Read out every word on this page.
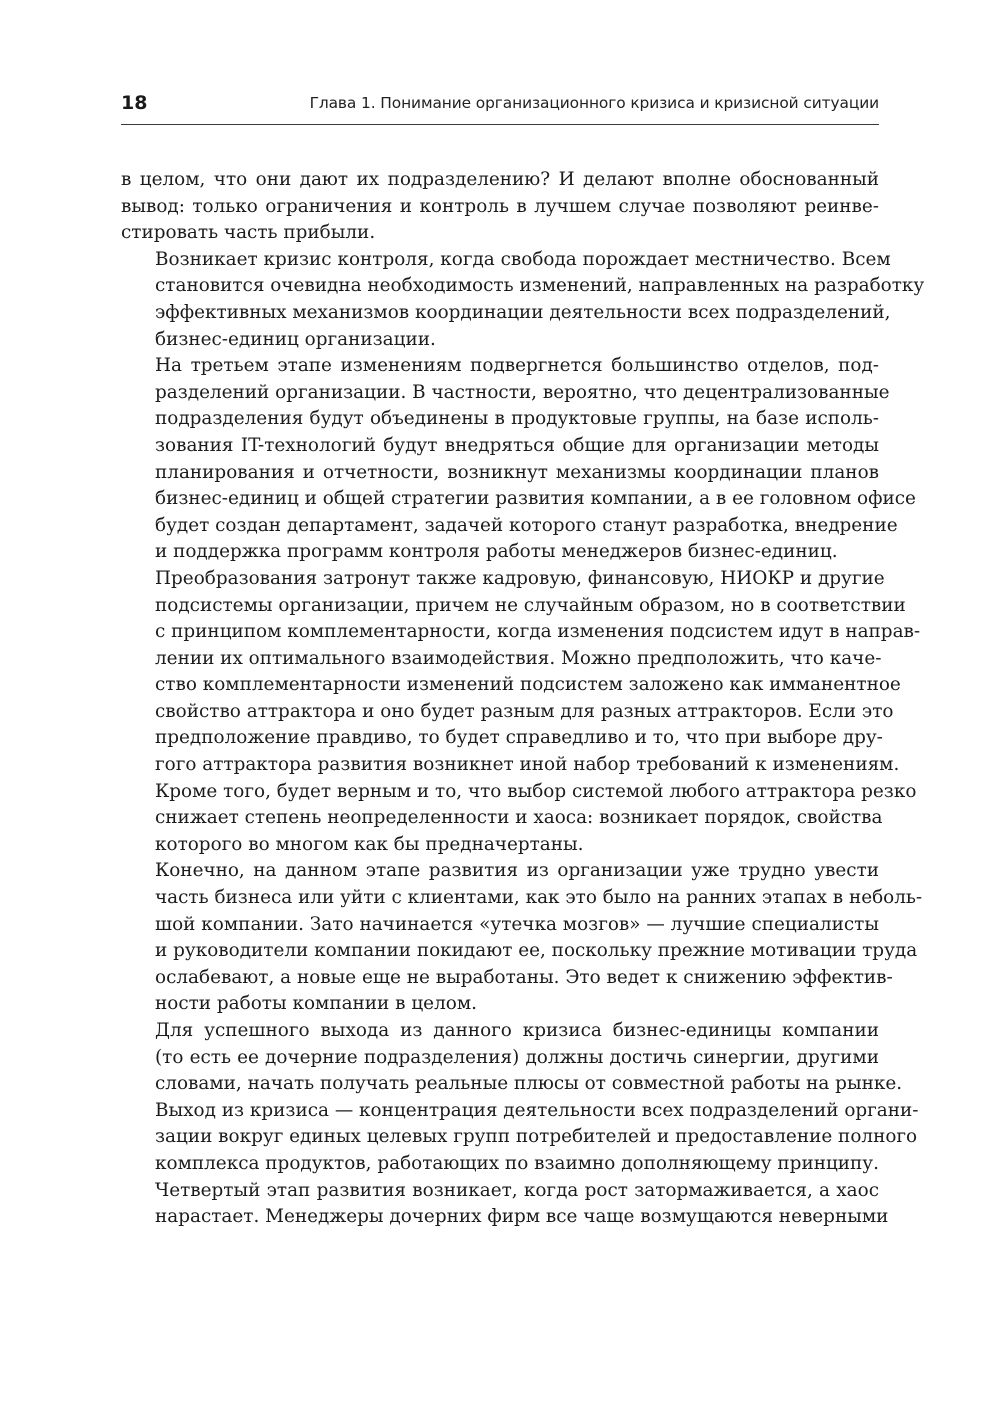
18	Глава 1. Понимание организационного кризиса и кризисной ситуации

в целом, что они дают их подразделению? И делают вполне обоснованный
вывод: только ограничения и контроль в лучшем случае позволяют реинве-
стировать часть прибыли.

Возникает кризис контроля, когда свобода порождает местничество. Всем
становится очевидна необходимость изменений, направленных на разработку
эффективных механизмов координации деятельности всех подразделений,
бизнес-единиц организации.

На третьем этапе изменениям подвергнется большинство отделов, под-
разделений организации. В частности, вероятно, что децентрализованные
подразделения будут объединены в продуктовые группы, на базе исполь-
зования IT-технологий будут внедряться общие для организации методы
планирования и отчетности, возникнут механизмы координации планов
бизнес-единиц и общей стратегии развития компании, а в ее головном офисе
будет создан департамент, задачей которого станут разработка, внедрение
и поддержка программ контроля работы менеджеров бизнес-единиц.

Преобразования затронут также кадровую, финансовую, НИОКР и другие
подсистемы организации, причем не случайным образом, но в соответствии
с принципом комплементарности, когда изменения подсистем идут в направ-
лении их оптимального взаимодействия. Можно предположить, что каче-
ство комплементарности изменений подсистем заложено как имманентное
свойство аттрактора и оно будет разным для разных аттракторов. Если это
предположение правдиво, то будет справедливо и то, что при выборе дру-
гого аттрактора развития возникнет иной набор требований к изменениям.
Кроме того, будет верным и то, что выбор системой любого аттрактора резко
снижает степень неопределенности и хаоса: возникает порядок, свойства
которого во многом как бы предначертаны.

Конечно, на данном этапе развития из организации уже трудно увести
часть бизнеса или уйти с клиентами, как это было на ранних этапах в неболь-
шой компании. Зато начинается «утечка мозгов» — лучшие специалисты
и руководители компании покидают ее, поскольку прежние мотивации труда
ослабевают, а новые еще не выработаны. Это ведет к снижению эффектив-
ности работы компании в целом.

Для успешного выхода из данного кризиса бизнес-единицы компании
(то есть ее дочерние подразделения) должны достичь синергии, другими
словами, начать получать реальные плюсы от совместной работы на рынке.
Выход из кризиса — концентрация деятельности всех подразделений органи-
зации вокруг единых целевых групп потребителей и предоставление полного
комплекса продуктов, работающих по взаимно дополняющему принципу.

Четвертый этап развития возникает, когда рост затормаживается, а хаос
нарастает. Менеджеры дочерних фирм все чаще возмущаются неверными
